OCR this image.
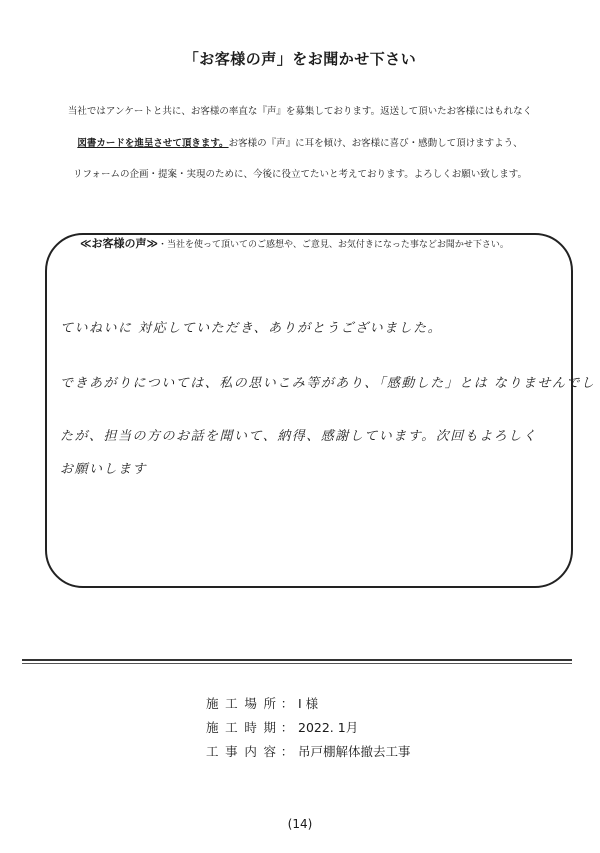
「お客様の声」をお聞かせ下さい
当社ではアンケートと共に、お客様の率直な『声』を募集しております。返送して頂いたお客様にはもれなく
図書カードを進呈させて頂きます。お客様の『声』に耳を傾け、お客様に喜び・感動して頂けますよう、
リフォームの企画・提案・実現のために、今後に役立てたいと考えております。よろしくお願い致します。
≪お客様の声≫・当社を使って頂いてのご感想や、ご意見、お気付きになった事などお聞かせ下さい。
ていねいに 対応していただき、ありがとうございました。
できあがりについては、私の思いこみ等があり、「感動した」とは なりませんでし
たが、担当の方のお話を聞いて、納得、感謝しています。次回もよろしく
お願いします
施工場所 ： I 様
施工時期 ： 2022. 1月
工事内容 ： 吊戸棚解体撤去工事
(14)
